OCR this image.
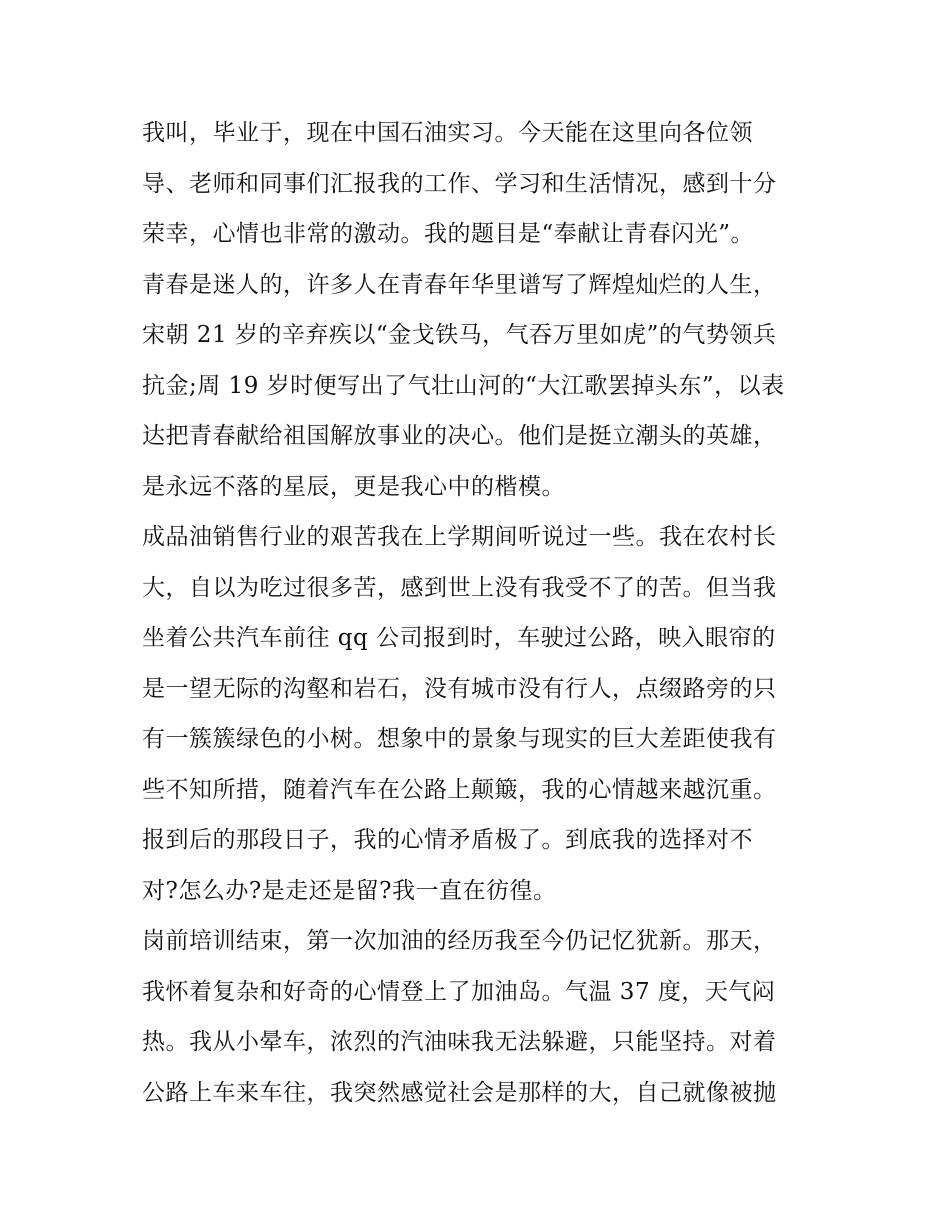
我叫，毕业于，现在中国石油实习。今天能在这里向各位领
导、老师和同事们汇报我的工作、学习和生活情况，感到十分
荣幸，心情也非常的激动。我的题目是“奉献让青春闪光”。
青春是迷人的，许多人在青春年华里谱写了辉煌灿烂的人生，
宋朝 21 岁的辛弃疾以“金戈铁马，气吞万里如虎”的气势领兵
抗金;周 19 岁时便写出了气壮山河的“大江歌罢掉头东”，以表
达把青春献给祖国解放事业的决心。他们是挺立潮头的英雄，
是永远不落的星辰，更是我心中的楷模。
成品油销售行业的艰苦我在上学期间听说过一些。我在农村长
大，自以为吃过很多苦，感到世上没有我受不了的苦。但当我
坐着公共汽车前往 qq 公司报到时，车驶过公路，映入眼帘的
是一望无际的沟壑和岩石，没有城市没有行人，点缀路旁的只
有一簇簇绿色的小树。想象中的景象与现实的巨大差距使我有
些不知所措，随着汽车在公路上颠簸，我的心情越来越沉重。
报到后的那段日子，我的心情矛盾极了。到底我的选择对不
对?怎么办?是走还是留?我一直在彷徨。
岗前培训结束，第一次加油的经历我至今仍记忆犹新。那天，
我怀着复杂和好奇的心情登上了加油岛。气温 37 度，天气闷
热。我从小晕车，浓烈的汽油味我无法躲避，只能坚持。对着
公路上车来车往，我突然感觉社会是那样的大，自己就像被抛
